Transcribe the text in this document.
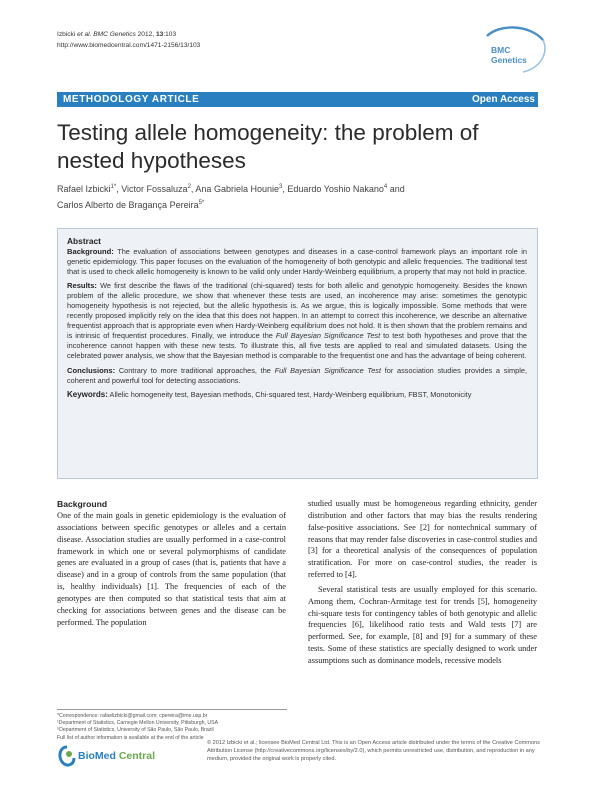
Izbicki et al. BMC Genetics 2012, 13:103
http://www.biomedcentral.com/1471-2156/13/103	BMC
Genetics
METHODOLOGY ARTICLE	Open Access
Testing allele homogeneity: the problem of nested hypotheses
Rafael Izbicki$^{1*}$, Victor Fossaluza$^2$, Ana Gabriela Hounie$^3$, Eduardo Yoshio Nakano$^4$ and
Carlos Alberto de Bragança Pereira$^{5*}$
Abstract

Background: The evaluation of associations between genotypes and diseases in a case-control framework plays an important role in genetic epidemiology. This paper focuses on the evaluation of the homogeneity of both genotypic and allelic frequencies. The traditional test that is used to check allelic homogeneity is known to be valid only under Hardy-Weinberg equilibrium, a property that may not hold in practice.

Results: We first describe the flaws of the traditional (chi-squared) tests for both allelic and genotypic homogeneity. Besides the known problem of the allelic procedure, we show that whenever these tests are used, an incoherence may arise: sometimes the genotypic homogeneity hypothesis is not rejected, but the allelic hypothesis is. As we argue, this is logically impossible. Some methods that were recently proposed implicitly rely on the idea that this does not happen. In an attempt to correct this incoherence, we describe an alternative frequentist approach that is appropriate even when Hardy-Weinberg equilibrium does not hold. It is then shown that the problem remains and is intrinsic of frequentist procedures. Finally, we introduce the Full Bayesian Significance Test to test both hypotheses and prove that the incoherence cannot happen with these new tests. To illustrate this, all five tests are applied to real and simulated datasets. Using the celebrated power analysis, we show that the Bayesian method is comparable to the frequentist one and has the advantage of being coherent.

Conclusions: Contrary to more traditional approaches, the Full Bayesian Significance Test for association studies provides a simple, coherent and powerful tool for detecting associations.

Keywords: Allelic homogeneity test, Bayesian methods, Chi-squared test, Hardy-Weinberg equilibrium, FBST, Monotonicity

Background

One of the main goals in genetic epidemiology is the evaluation of associations between specific genotypes or alleles and a certain disease. Association studies are usually performed in a case-control framework in which one or several polymorphisms of candidate genes are evaluated in a group of cases (that is, patients that have a disease) and in a group of controls from the same population (that is, healthy individuals) [1]. The frequencies of each of the genotypes are then computed so that statistical tests that aim at checking for associations between genes and the disease can be performed. The population

studied usually must be homogeneous regarding ethnicity, gender distribution and other factors that may bias the results rendering false-positive associations. See [2] for nontechnical summary of reasons that may render false discoveries in case-control studies and [3] for a theoretical analysis of the consequences of population stratification. For more on case-control studies, the reader is referred to [4].

Several statistical tests are usually employed for this scenario. Among them, Cochran-Armitage test for trends [5], homogeneity chi-square tests for contingency tables of both genotypic and allelic frequencies [6], likelihood ratio tests and Wald tests [7] are performed. See, for example, [8] and [9] for a summary of these tests. Some of these statistics are specially designed to work under assumptions such as dominance models, recessive models

*Correspondence: rafaelizbicki@gmail.com; cpereira@ime.usp.br
¹Department of Statistics, Carnegie Mellon University, Pittsburgh, USA
⁵Department of Statistics, University of São Paulo, São Paulo, Brazil
Full list of author information is available at the end of the article
BioMed Central
© 2012 Izbicki et al.; licensee BioMed Central Ltd. This is an Open Access article distributed under the terms of the Creative Commons Attribution License (http://creativecommons.org/licenses/by/2.0), which permits unrestricted use, distribution, and reproduction in any medium, provided the original work is properly cited.
